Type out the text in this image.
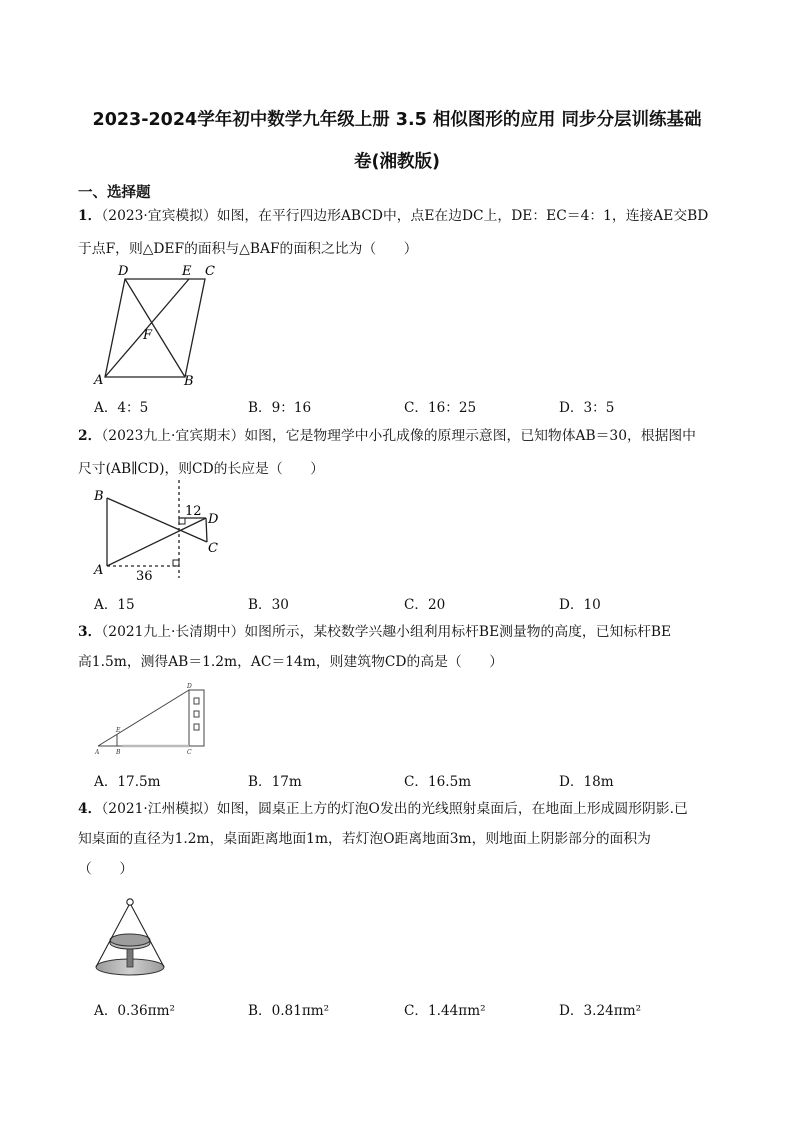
2023-2024学年初中数学九年级上册 3.5 相似图形的应用 同步分层训练基础
卷(湘教版)
一、选择题
1．（2023·宜宾模拟）如图，在平行四边形ABCD中，点E在边DC上，DE：EC＝4：1，连接AE交BD
于点F，则△DEF的面积与△BAF的面积之比为（　　）
D	E C
F
A	B
A．4：5	B．9：16	C．16：25	D．3：5
2．（2023九上·宜宾期末）如图，它是物理学中小孔成像的原理示意图，已知物体AB＝30，根据图中
尺寸(AB∥CD)，则CD的长应是（　　）
B
A
D
C
12
36
A．15	B．30	C．20	D．10
3．（2021九上·长清期中）如图所示，某校数学兴趣小组利用标杆BE测量物的高度，已知标杆BE
高1.5m，测得AB＝1.2m，AC＝14m，则建筑物CD的高是（　　）
D
E
A	B	C
A．17.5m	B．17m	C．16.5m	D．18m
4．（2021·江州模拟）如图，圆桌正上方的灯泡O发出的光线照射桌面后，在地面上形成圆形阴影.已
知桌面的直径为1.2m，桌面距离地面1m，若灯泡O距离地面3m，则地面上阴影部分的面积为
（　　）
A．0.36πm²	B．0.81πm²	C．1.44πm²	D．3.24πm²
